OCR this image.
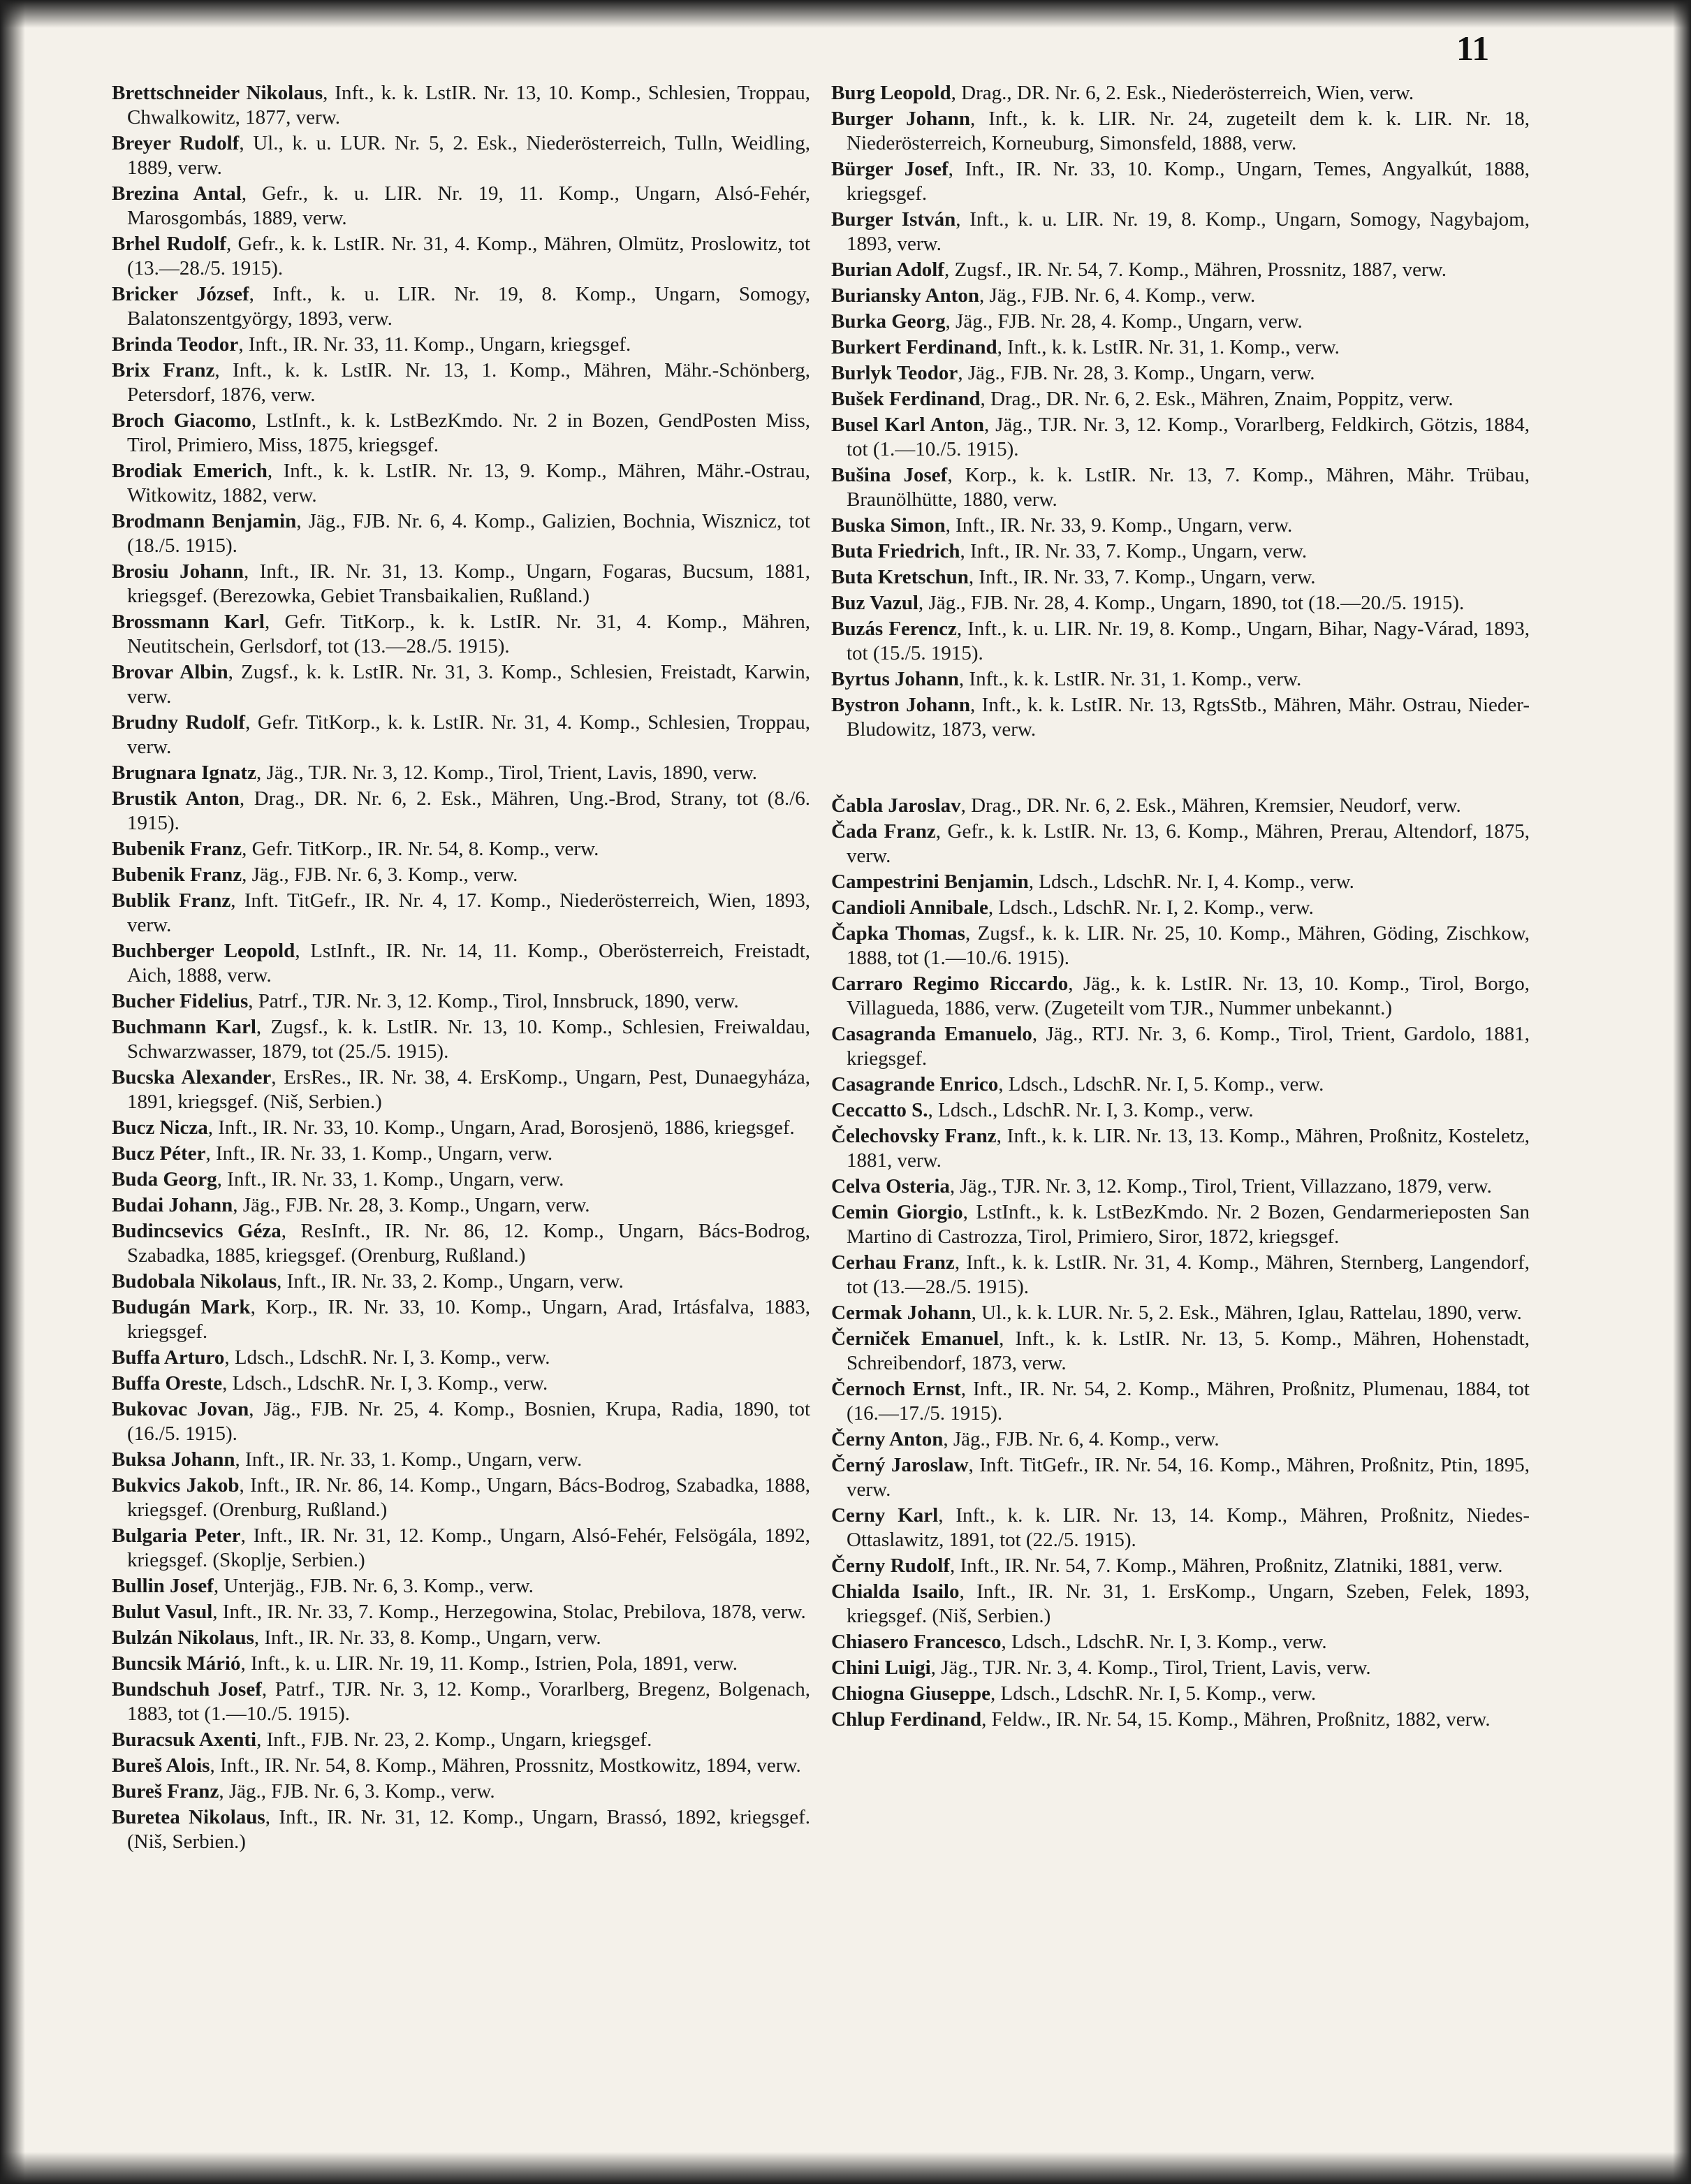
11

Brettschneider Nikolaus, Inft., k. k. LstIR. Nr. 13, 10. Komp., Schlesien, Troppau, Chwalkowitz, 1877, verw.

Breyer Rudolf, Ul., k. u. LUR. Nr. 5, 2. Esk., Niederösterreich, Tulln, Weidling, 1889, verw.

Brezina Antal, Gefr., k. u. LIR. Nr. 19, 11. Komp., Ungarn, Alsó-Fehér, Marosgombás, 1889, verw.

Brhel Rudolf, Gefr., k. k. LstIR. Nr. 31, 4. Komp., Mähren, Olmütz, Proslowitz, tot (13.—28./5. 1915).

Bricker József, Inft., k. u. LIR. Nr. 19, 8. Komp., Ungarn, Somogy, Balatonszentgyörgy, 1893, verw.

Brinda Teodor, Inft., IR. Nr. 33, 11. Komp., Ungarn, kriegsgef.

Brix Franz, Inft., k. k. LstIR. Nr. 13, 1. Komp., Mähren, Mähr.-Schönberg, Petersdorf, 1876, verw.

Broch Giacomo, LstInft., k. k. LstBezKmdo. Nr. 2 in Bozen, GendPosten Miss, Tirol, Primiero, Miss, 1875, kriegsgef.

Brodiak Emerich, Inft., k. k. LstIR. Nr. 13, 9. Komp., Mähren, Mähr.-Ostrau, Witkowitz, 1882, verw.

Brodmann Benjamin, Jäg., FJB. Nr. 6, 4. Komp., Galizien, Bochnia, Wisznicz, tot (18./5. 1915).

Brosiu Johann, Inft., IR. Nr. 31, 13. Komp., Ungarn, Fogaras, Bucsum, 1881, kriegsgef. (Berezowka, Gebiet Transbaikalien, Rußland.)

Brossmann Karl, Gefr. TitKorp., k. k. LstIR. Nr. 31, 4. Komp., Mähren, Neutitschein, Gerlsdorf, tot (13.—28./5. 1915).

Brovar Albin, Zugsf., k. k. LstIR. Nr. 31, 3. Komp., Schlesien, Freistadt, Karwin, verw.

Brudny Rudolf, Gefr. TitKorp., k. k. LstIR. Nr. 31, 4. Komp., Schlesien, Troppau, verw.

Brugnara Ignatz, Jäg., TJR. Nr. 3, 12. Komp., Tirol, Trient, Lavis, 1890, verw.

Brustik Anton, Drag., DR. Nr. 6, 2. Esk., Mähren, Ung.-Brod, Strany, tot (8./6. 1915).

Bubenik Franz, Gefr. TitKorp., IR. Nr. 54, 8. Komp., verw.

Bubenik Franz, Jäg., FJB. Nr. 6, 3. Komp., verw.

Bublik Franz, Inft. TitGefr., IR. Nr. 4, 17. Komp., Niederösterreich, Wien, 1893, verw.

Buchberger Leopold, LstInft., IR. Nr. 14, 11. Komp., Oberösterreich, Freistadt, Aich, 1888, verw.

Bucher Fidelius, Patrf., TJR. Nr. 3, 12. Komp., Tirol, Innsbruck, 1890, verw.

Buchmann Karl, Zugsf., k. k. LstIR. Nr. 13, 10. Komp., Schlesien, Freiwaldau, Schwarzwasser, 1879, tot (25./5. 1915).

Bucska Alexander, ErsRes., IR. Nr. 38, 4. ErsKomp., Ungarn, Pest, Dunaegyháza, 1891, kriegsgef. (Niš, Serbien.)

Bucz Nicza, Inft., IR. Nr. 33, 10. Komp., Ungarn, Arad, Borosjenö, 1886, kriegsgef.

Bucz Péter, Inft., IR. Nr. 33, 1. Komp., Ungarn, verw.

Buda Georg, Inft., IR. Nr. 33, 1. Komp., Ungarn, verw.

Budai Johann, Jäg., FJB. Nr. 28, 3. Komp., Ungarn, verw.

Budincsevics Géza, ResInft., IR. Nr. 86, 12. Komp., Ungarn, Bács-Bodrog, Szabadka, 1885, kriegsgef. (Orenburg, Rußland.)

Budobala Nikolaus, Inft., IR. Nr. 33, 2. Komp., Ungarn, verw.

Budugán Mark, Korp., IR. Nr. 33, 10. Komp., Ungarn, Arad, Irtásfalva, 1883, kriegsgef.

Buffa Arturo, Ldsch., LdschR. Nr. I, 3. Komp., verw.

Buffa Oreste, Ldsch., LdschR. Nr. I, 3. Komp., verw.

Bukovac Jovan, Jäg., FJB. Nr. 25, 4. Komp., Bosnien, Krupa, Radia, 1890, tot (16./5. 1915).

Buksa Johann, Inft., IR. Nr. 33, 1. Komp., Ungarn, verw.

Bukvics Jakob, Inft., IR. Nr. 86, 14. Komp., Ungarn, Bács-Bodrog, Szabadka, 1888, kriegsgef. (Orenburg, Rußland.)

Bulgaria Peter, Inft., IR. Nr. 31, 12. Komp., Ungarn, Alsó-Fehér, Felsögála, 1892, kriegsgef. (Skoplje, Serbien.)

Bullin Josef, Unterjäg., FJB. Nr. 6, 3. Komp., verw.

Bulut Vasul, Inft., IR. Nr. 33, 7. Komp., Herzegowina, Stolac, Prebilova, 1878, verw.

Bulzán Nikolaus, Inft., IR. Nr. 33, 8. Komp., Ungarn, verw.

Buncsik Márió, Inft., k. u. LIR. Nr. 19, 11. Komp., Istrien, Pola, 1891, verw.

Bundschuh Josef, Patrf., TJR. Nr. 3, 12. Komp., Vorarlberg, Bregenz, Bolgenach, 1883, tot (1.—10./5. 1915).

Buracsuk Axenti, Inft., FJB. Nr. 23, 2. Komp., Ungarn, kriegsgef.

Bureš Alois, Inft., IR. Nr. 54, 8. Komp., Mähren, Prossnitz, Mostkowitz, 1894, verw.

Bureš Franz, Jäg., FJB. Nr. 6, 3. Komp., verw.

Buretea Nikolaus, Inft., IR. Nr. 31, 12. Komp., Ungarn, Brassó, 1892, kriegsgef. (Niš, Serbien.)

Burg Leopold, Drag., DR. Nr. 6, 2. Esk., Niederösterreich, Wien, verw.

Burger Johann, Inft., k. k. LIR. Nr. 24, zugeteilt dem k. k. LIR. Nr. 18, Niederösterreich, Korneuburg, Simonsfeld, 1888, verw.

Bürger Josef, Inft., IR. Nr. 33, 10. Komp., Ungarn, Temes, Angyalkút, 1888, kriegsgef.

Burger István, Inft., k. u. LIR. Nr. 19, 8. Komp., Ungarn, Somogy, Nagybajom, 1893, verw.

Burian Adolf, Zugsf., IR. Nr. 54, 7. Komp., Mähren, Prossnitz, 1887, verw.

Buriansky Anton, Jäg., FJB. Nr. 6, 4. Komp., verw.

Burka Georg, Jäg., FJB. Nr. 28, 4. Komp., Ungarn, verw.

Burkert Ferdinand, Inft., k. k. LstIR. Nr. 31, 1. Komp., verw.

Burlyk Teodor, Jäg., FJB. Nr. 28, 3. Komp., Ungarn, verw.

Bušek Ferdinand, Drag., DR. Nr. 6, 2. Esk., Mähren, Znaim, Poppitz, verw.

Busel Karl Anton, Jäg., TJR. Nr. 3, 12. Komp., Vorarlberg, Feldkirch, Götzis, 1884, tot (1.—10./5. 1915).

Bušina Josef, Korp., k. k. LstIR. Nr. 13, 7. Komp., Mähren, Mähr. Trübau, Braunölhütte, 1880, verw.

Buska Simon, Inft., IR. Nr. 33, 9. Komp., Ungarn, verw.

Buta Friedrich, Inft., IR. Nr. 33, 7. Komp., Ungarn, verw.

Buta Kretschun, Inft., IR. Nr. 33, 7. Komp., Ungarn, verw.

Buz Vazul, Jäg., FJB. Nr. 28, 4. Komp., Ungarn, 1890, tot (18.—20./5. 1915).

Buzás Ferencz, Inft., k. u. LIR. Nr. 19, 8. Komp., Ungarn, Bihar, Nagy-Várad, 1893, tot (15./5. 1915).

Byrtus Johann, Inft., k. k. LstIR. Nr. 31, 1. Komp., verw.

Bystron Johann, Inft., k. k. LstIR. Nr. 13, RgtsStb., Mähren, Mähr. Ostrau, Nieder-Bludowitz, 1873, verw.

Čabla Jaroslav, Drag., DR. Nr. 6, 2. Esk., Mähren, Kremsier, Neudorf, verw.

Čada Franz, Gefr., k. k. LstIR. Nr. 13, 6. Komp., Mähren, Prerau, Altendorf, 1875, verw.

Campestrini Benjamin, Ldsch., LdschR. Nr. I, 4. Komp., verw.

Candioli Annibale, Ldsch., LdschR. Nr. I, 2. Komp., verw.

Čapka Thomas, Zugsf., k. k. LIR. Nr. 25, 10. Komp., Mähren, Göding, Zischkow, 1888, tot (1.—10./6. 1915).

Carraro Regimo Riccardo, Jäg., k. k. LstIR. Nr. 13, 10. Komp., Tirol, Borgo, Villagueda, 1886, verw. (Zugeteilt vom TJR., Nummer unbekannt.)

Casagranda Emanuelo, Jäg., RTJ. Nr. 3, 6. Komp., Tirol, Trient, Gardolo, 1881, kriegsgef.

Casagrande Enrico, Ldsch., LdschR. Nr. I, 5. Komp., verw.

Ceccatto S., Ldsch., LdschR. Nr. I, 3. Komp., verw.

Čelechovsky Franz, Inft., k. k. LIR. Nr. 13, 13. Komp., Mähren, Proßnitz, Kosteletz, 1881, verw.

Celva Osteria, Jäg., TJR. Nr. 3, 12. Komp., Tirol, Trient, Villazzano, 1879, verw.

Cemin Giorgio, LstInft., k. k. LstBezKmdo. Nr. 2 Bozen, Gendarmerieposten San Martino di Castrozza, Tirol, Primiero, Siror, 1872, kriegsgef.

Cerhau Franz, Inft., k. k. LstIR. Nr. 31, 4. Komp., Mähren, Sternberg, Langendorf, tot (13.—28./5. 1915).

Cermak Johann, Ul., k. k. LUR. Nr. 5, 2. Esk., Mähren, Iglau, Rattelau, 1890, verw.

Černiček Emanuel, Inft., k. k. LstIR. Nr. 13, 5. Komp., Mähren, Hohenstadt, Schreibendorf, 1873, verw.

Černoch Ernst, Inft., IR. Nr. 54, 2. Komp., Mähren, Proßnitz, Plumenau, 1884, tot (16.—17./5. 1915).

Černy Anton, Jäg., FJB. Nr. 6, 4. Komp., verw.

Černý Jaroslaw, Inft. TitGefr., IR. Nr. 54, 16. Komp., Mähren, Proßnitz, Ptin, 1895, verw.

Cerny Karl, Inft., k. k. LIR. Nr. 13, 14. Komp., Mähren, Proßnitz, Niedes-Ottaslawitz, 1891, tot (22./5. 1915).

Černy Rudolf, Inft., IR. Nr. 54, 7. Komp., Mähren, Proßnitz, Zlatniki, 1881, verw.

Chialda Isailo, Inft., IR. Nr. 31, 1. ErsKomp., Ungarn, Szeben, Felek, 1893, kriegsgef. (Niš, Serbien.)

Chiasero Francesco, Ldsch., LdschR. Nr. I, 3. Komp., verw.

Chini Luigi, Jäg., TJR. Nr. 3, 4. Komp., Tirol, Trient, Lavis, verw.

Chiogna Giuseppe, Ldsch., LdschR. Nr. I, 5. Komp., verw.

Chlup Ferdinand, Feldw., IR. Nr. 54, 15. Komp., Mähren, Proßnitz, 1882, verw.
